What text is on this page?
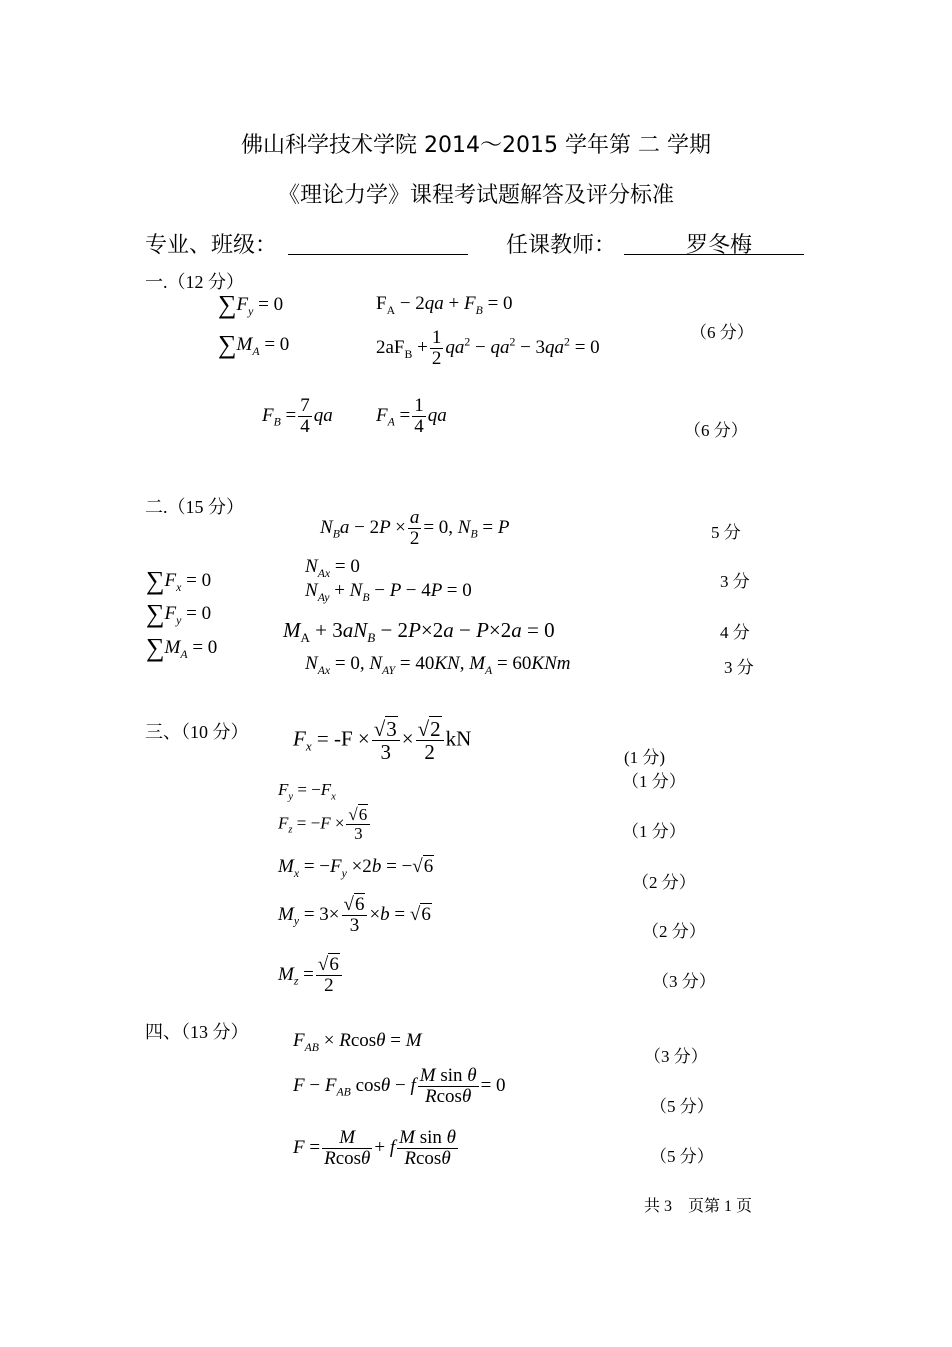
佛山科学技术学院 2014～2015 学年第 二 学期
《理论力学》课程考试题解答及评分标准
专业、班级：	任课教师：	罗冬梅
一.（12 分）
$\sum F_y = 0$	$F_A - 2qa + F_B = 0$
$\sum M_A = 0$	$2aF_B + \frac{1}{2} qa^2 - qa^2 - 3qa^2 = 0$
（6 分）
$F_B = \frac{7}{4}$ qa $F_A = \frac{1}{4}$ qa
（6 分）
二.（15 分）
$N_Ba - 2P \times \frac{a}{2} = 0$, $N_B = P$	5 分
$N_{Ax} = 0$
$N_{Ay} + N_B - P - 4P = 0$	3 分
$\sum F_x = 0$
$\sum F_y = 0$
$\sum M_A = 0$
$M_A + 3aN_B - 2P\times 2a - P\times 2a = 0$	4 分
$N_{Ax} = 0$, $N_{AY} = 40KN$, $M_A = 60KNm$	3 分
三、（10 分） $F_x = -F \times \frac{√3}{3} \times \frac{√2}{2}$ kN
(1 分)
（1 分）
$F_y = -F_x$
$F_z = -F \times \frac{√6}{3}$	（1 分）
$M_x = -F_y \times 2b = -√6$
（2 分）
$M_y = 3\times \frac{√6}{3} \times b = √6$
（2 分）
$M_z = \frac{√6}{2}$	（3 分）
四、（13 分） $F_{AB} \times Rcos\theta = M$
（3 分）
$F - F_{AB}$ cosθ − f $\frac{\text{M sin θ}}{Rcos\theta} = 0$
（5 分）
$F = \frac{M}{Rcos\theta} + f \frac{\text{M sin θ}}{Rcos\theta}$	（5 分）
共 3　页第 1 页
